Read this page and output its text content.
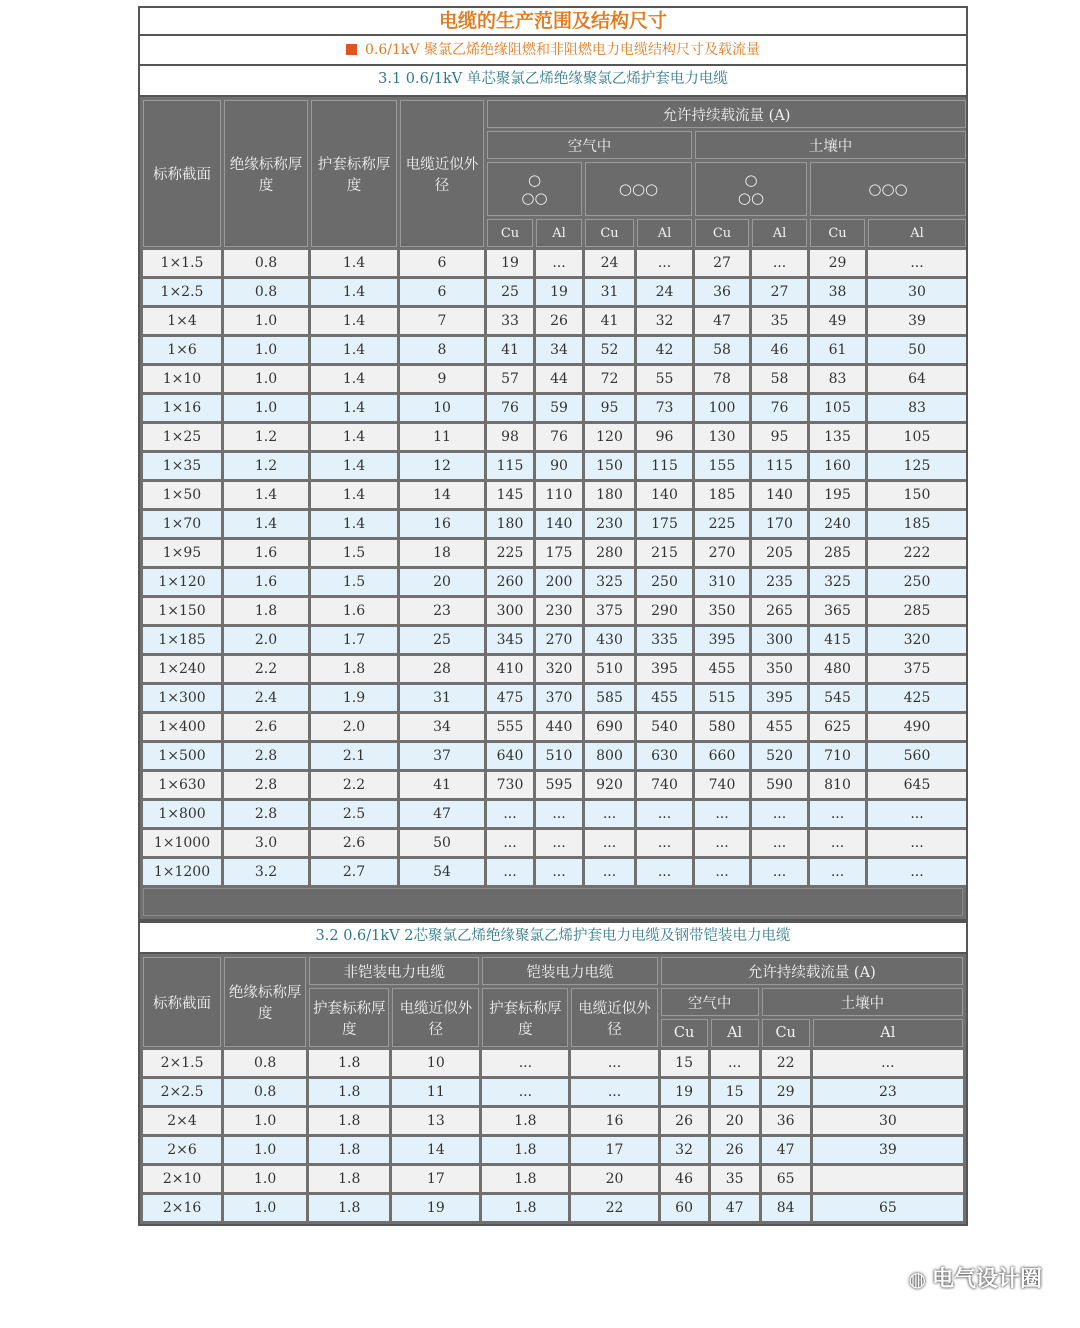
电缆的生产范围及结构尺寸
0.6/1kV 聚氯乙烯绝缘阻燃和非阻燃电力电缆结构尺寸及载流量
3.1 0.6/1kV 单芯聚氯乙烯绝缘聚氯乙烯护套电力电缆
标称截面	绝缘标称厚度	护套标称厚度	电缆近似外径	允许持续载流量 (A)							
				空气中				土壤中			
				○
○○		○○○		○
○○		○○○	
				Cu	Al	Cu	Al	Cu	Al	Cu	Al
1×1.5	0.8	1.4	6	19	...	24	...	27	...	29	...
1×2.5	0.8	1.4	6	25	19	31	24	36	27	38	30
1×4	1.0	1.4	7	33	26	41	32	47	35	49	39
1×6	1.0	1.4	8	41	34	52	42	58	46	61	50
1×10	1.0	1.4	9	57	44	72	55	78	58	83	64
1×16	1.0	1.4	10	76	59	95	73	100	76	105	83
1×25	1.2	1.4	11	98	76	120	96	130	95	135	105
1×35	1.2	1.4	12	115	90	150	115	155	115	160	125
1×50	1.4	1.4	14	145	110	180	140	185	140	195	150
1×70	1.4	1.4	16	180	140	230	175	225	170	240	185
1×95	1.6	1.5	18	225	175	280	215	270	205	285	222
1×120	1.6	1.5	20	260	200	325	250	310	235	325	250
1×150	1.8	1.6	23	300	230	375	290	350	265	365	285
1×185	2.0	1.7	25	345	270	430	335	395	300	415	320
1×240	2.2	1.8	28	410	320	510	395	455	350	480	375
1×300	2.4	1.9	31	475	370	585	455	515	395	545	425
1×400	2.6	2.0	34	555	440	690	540	580	455	625	490
1×500	2.8	2.1	37	640	510	800	630	660	520	710	560
1×630	2.8	2.2	41	730	595	920	740	740	590	810	645
1×800	2.8	2.5	47	...	...	...	...	...	...	...	...
1×1000	3.0	2.6	50	...	...	...	...	...	...	...	...
1×1200	3.2	2.7	54	...	...	...	...	...	...	...	...
3.2 0.6/1kV 2芯聚氯乙烯绝缘聚氯乙烯护套电力电缆及钢带铠装电力电缆
标称截面	绝缘标称厚度	非铠装电力电缆		铠装电力电缆		允许持续载流量 (A)			
		护套标称厚度	电缆近似外径	护套标称厚度	电缆近似外径	空气中		土壤中	
						Cu	Al	Cu	Al
2×1.5	0.8	1.8	10	...	...	15	...	22	...
2×2.5	0.8	1.8	11	...	...	19	15	29	23
2×4	1.0	1.8	13	1.8	16	26	20	36	30
2×6	1.0	1.8	14	1.8	17	32	26	47	39
2×10	1.0	1.8	17	1.8	20	46	35	65	
2×16	1.0	1.8	19	1.8	22	60	47	84	65
◍ 电气设计圈
